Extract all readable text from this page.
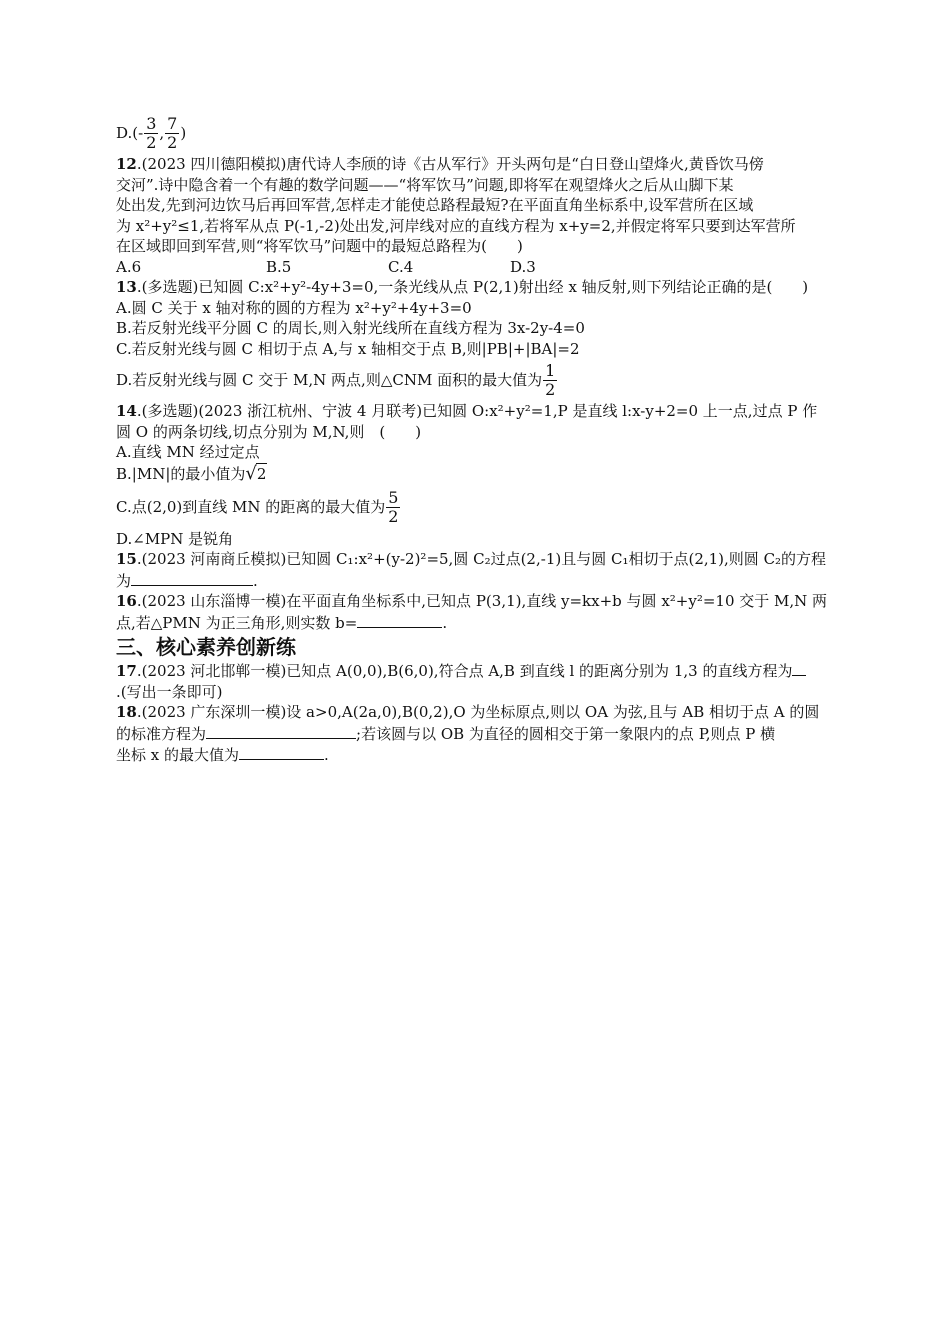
$D.(- \frac{3}{2}$ , $\frac{7}{2}$ )
12.(2023 四川德阳模拟)唐代诗人李颀的诗《古从军行》开头两句是“白日登山望烽火,黄昏饮马傍
交河”.诗中隐含着一个有趣的数学问题——“将军饮马”问题,即将军在观望烽火之后从山脚下某
处出发,先到河边饮马后再回军营,怎样走才能使总路程最短?在平面直角坐标系中,设军营所在区域
为 x²+y²≤1,若将军从点 P(-1,-2)处出发,河岸线对应的直线方程为 x+y=2,并假定将军只要到达军营所
在区域即回到军营,则“将军饮马”问题中的最短总路程为(　　)
A.6	B.5	C.4	D.3
13.(多选题)已知圆 C:x²+y²-4y+3=0,一条光线从点 P(2,1)射出经 x 轴反射,则下列结论正确的是(　　)
A.圆 C 关于 x 轴对称的圆的方程为 x²+y²+4y+3=0
B.若反射光线平分圆 C 的周长,则入射光线所在直线方程为 3x-2y-4=0
C.若反射光线与圆 C 相切于点 A,与 x 轴相交于点 B,则|PB|+|BA|=2
D.若反射光线与圆 C 交于 M,N 两点,则△CNM 面积的最大值为 $\frac{1}{2}$
14.(多选题)(2023 浙江杭州、宁波 4 月联考)已知圆 O:x²+y²=1,P 是直线 l:x-y+2=0 上一点,过点 P 作
圆 O 的两条切线,切点分别为 M,N,则　(　　)
A.直线 MN 经过定点
B.|MN|的最小值为 √ 2
C.点(2,0)到直线 MN 的距离的最大值为 $\frac{5}{2}$
D.∠MPN 是锐角
15.(2023 河南商丘模拟)已知圆 C₁:x²+(y-2)²=5,圆 C₂过点(2,-1)且与圆 C₁相切于点(2,1),则圆 C₂的方程
为	.
16.(2023 山东淄博一模)在平面直角坐标系中,已知点 P(3,1),直线 y=kx+b 与圆 x²+y²=10 交于 M,N 两
点,若△PMN 为正三角形,则实数 b=	.
三、核心素养创新练
17.(2023 河北邯郸一模)已知点 A(0,0),B(6,0),符合点 A,B 到直线 l 的距离分别为 1,3 的直线方程为
.(写出一条即可)
18.(2023 广东深圳一模)设 a>0,A(2a,0),B(0,2),O 为坐标原点,则以 OA 为弦,且与 AB 相切于点 A 的圆
的标准方程为	;若该圆与以 OB 为直径的圆相交于第一象限内的点 P,则点 P 横
坐标 x 的最大值为	.
